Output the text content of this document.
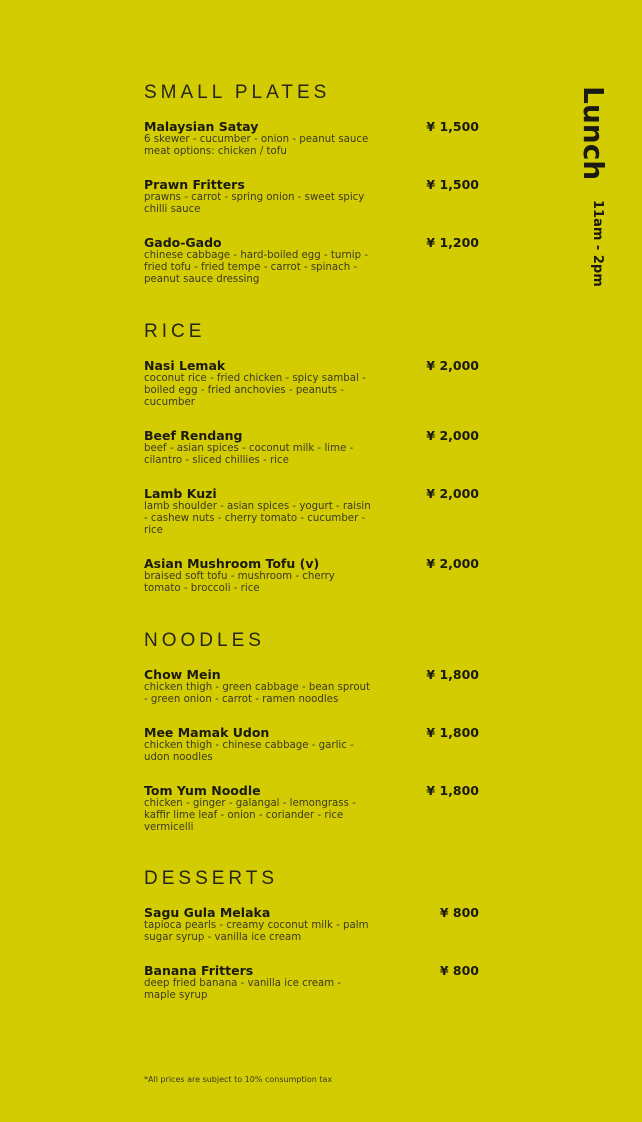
Lunch
11am - 2pm
SMALL PLATES
Malaysian Satay	¥ 1,500
6 skewer - cucumber - onion - peanut sauce meat options: chicken / tofu
Prawn Fritters	¥ 1,500
prawns - carrot - spring onion - sweet spicy chilli sauce
Gado-Gado	¥ 1,200
chinese cabbage - hard-boiled egg - turnip - fried tofu - fried tempe - carrot - spinach - peanut sauce dressing
RICE
Nasi Lemak	¥ 2,000
coconut rice - fried chicken - spicy sambal - boiled egg - fried anchovies - peanuts - cucumber
Beef Rendang	¥ 2,000
beef - asian spices - coconut milk - lime - cilantro - sliced chillies - rice
Lamb Kuzi	¥ 2,000
lamb shoulder - asian spices - yogurt - raisin - cashew nuts - cherry tomato - cucumber - rice
Asian Mushroom Tofu (v)	¥ 2,000
braised soft tofu - mushroom - cherry tomato - broccoli - rice
NOODLES
Chow Mein	¥ 1,800
chicken thigh - green cabbage - bean sprout - green onion - carrot - ramen noodles
Mee Mamak Udon	¥ 1,800
chicken thigh - chinese cabbage - garlic - udon noodles
Tom Yum Noodle	¥ 1,800
chicken - ginger - galangal - lemongrass - kaffir lime leaf - onion - coriander - rice vermicelli
DESSERTS
Sagu Gula Melaka	¥ 800
tapioca pearls - creamy coconut milk - palm sugar syrup - vanilla ice cream
Banana Fritters	¥ 800
deep fried banana - vanilla ice cream - maple syrup
*All prices are subject to 10% consumption tax
